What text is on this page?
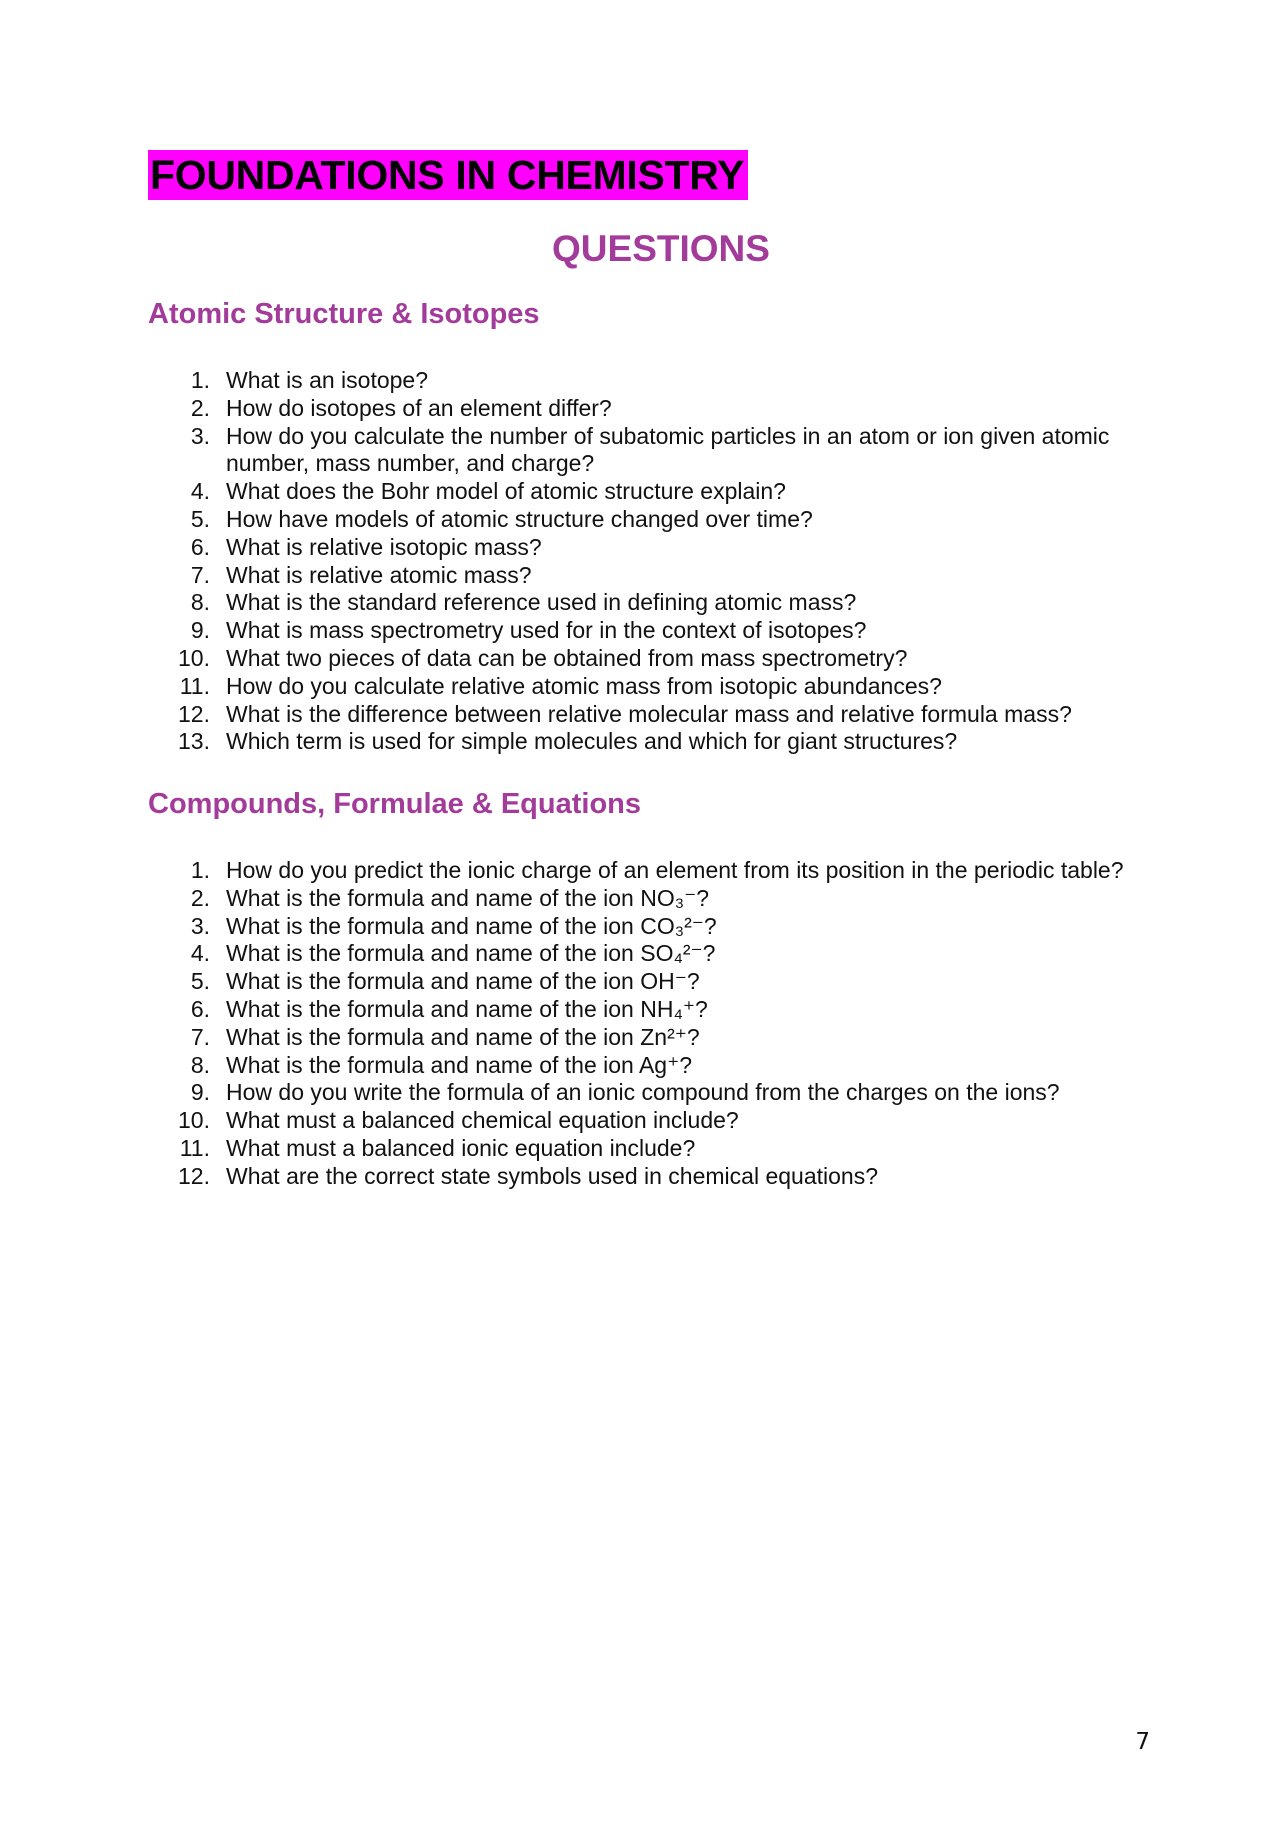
FOUNDATIONS IN CHEMISTRY
QUESTIONS
Atomic Structure & Isotopes
1. What is an isotope?
2. How do isotopes of an element differ?
3. How do you calculate the number of subatomic particles in an atom or ion given atomic number, mass number, and charge?
4. What does the Bohr model of atomic structure explain?
5. How have models of atomic structure changed over time?
6. What is relative isotopic mass?
7. What is relative atomic mass?
8. What is the standard reference used in defining atomic mass?
9. What is mass spectrometry used for in the context of isotopes?
10. What two pieces of data can be obtained from mass spectrometry?
11. How do you calculate relative atomic mass from isotopic abundances?
12. What is the difference between relative molecular mass and relative formula mass?
13. Which term is used for simple molecules and which for giant structures?
Compounds, Formulae & Equations
1. How do you predict the ionic charge of an element from its position in the periodic table?
2. What is the formula and name of the ion NO₃⁻?
3. What is the formula and name of the ion CO₃²⁻?
4. What is the formula and name of the ion SO₄²⁻?
5. What is the formula and name of the ion OH⁻?
6. What is the formula and name of the ion NH₄⁺?
7. What is the formula and name of the ion Zn²⁺?
8. What is the formula and name of the ion Ag⁺?
9. How do you write the formula of an ionic compound from the charges on the ions?
10. What must a balanced chemical equation include?
11. What must a balanced ionic equation include?
12. What are the correct state symbols used in chemical equations?
7
